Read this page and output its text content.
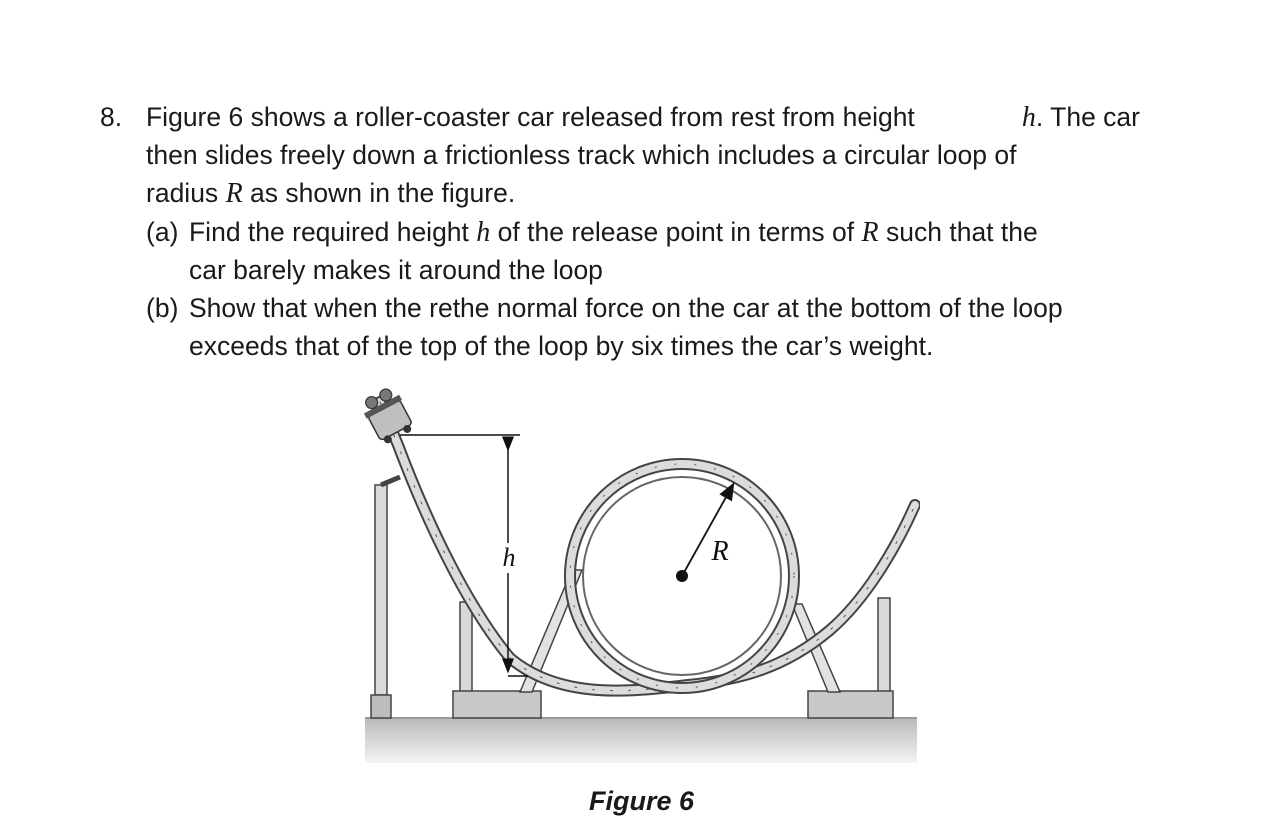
8. Figure 6 shows a roller-coaster car released from rest from height	h. The car
then slides freely down a frictionless track which includes a circular loop of
radius R as shown in the figure.
(a) Find the required height h of the release point in terms of R such that the
car barely makes it around the loop
(b) Show that when the rethe normal force on the car at the bottom of the loop
exceeds that of the top of the loop by six times the car’s weight.
h	R
Figure 6
